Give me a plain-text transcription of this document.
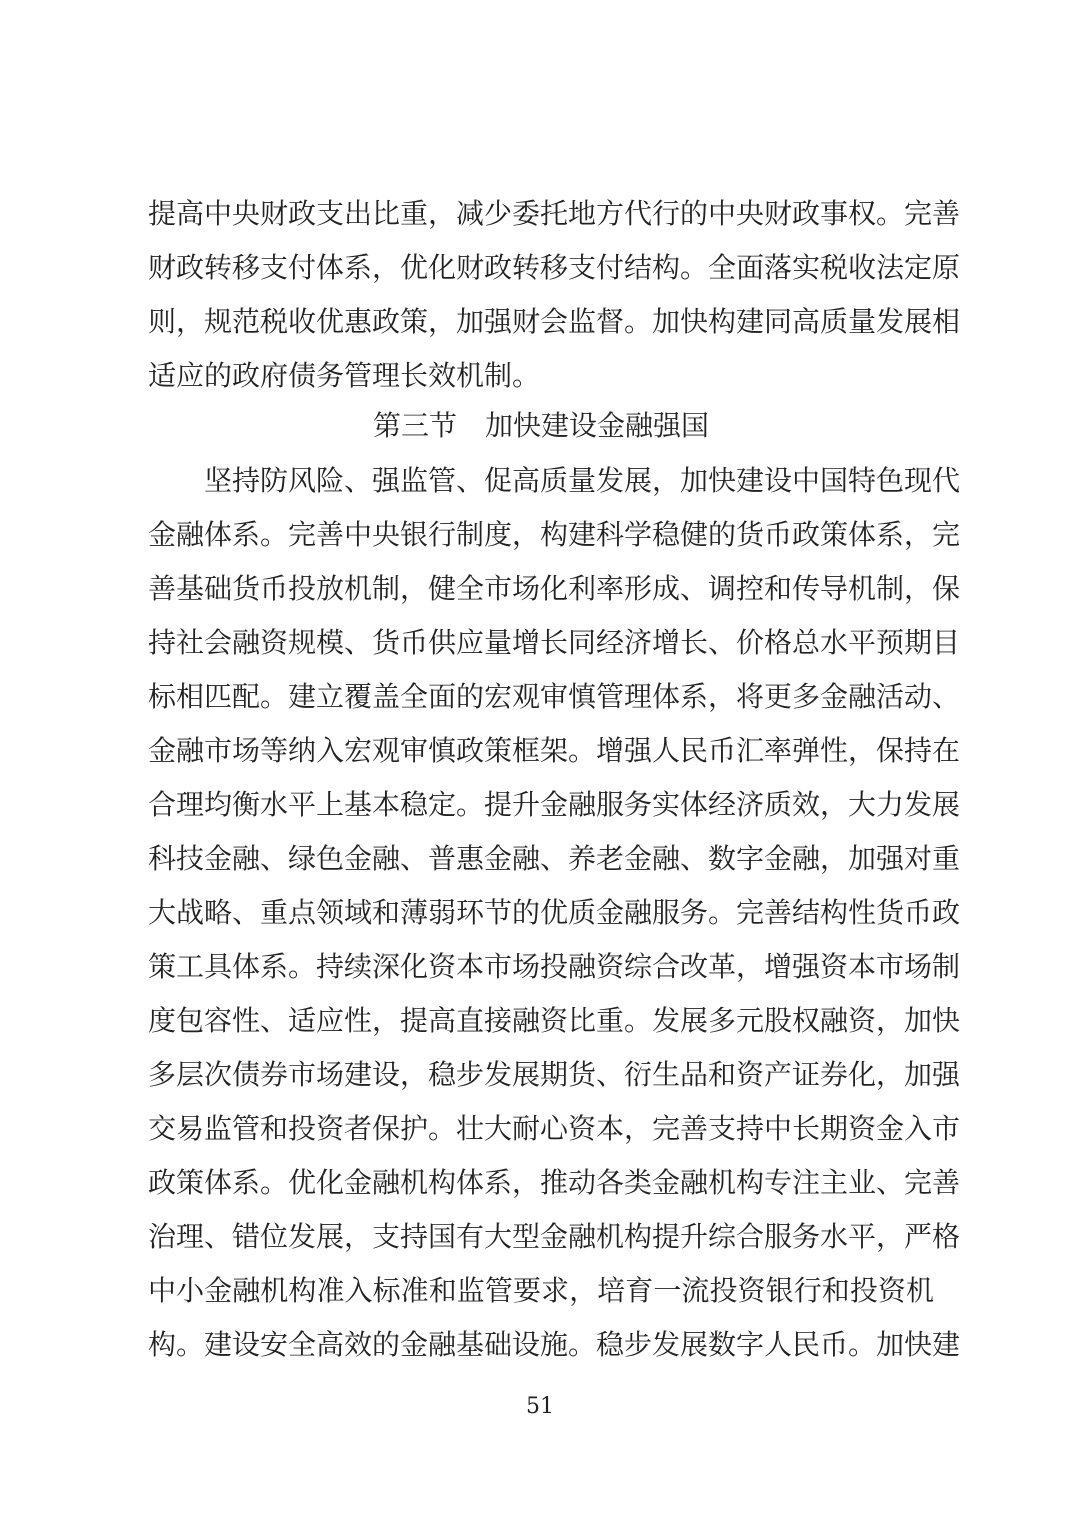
提高中央财政支出比重，减少委托地方代行的中央财政事权。完善
财政转移支付体系，优化财政转移支付结构。全面落实税收法定原
则，规范税收优惠政策，加强财会监督。加快构建同高质量发展相
适应的政府债务管理长效机制。
第三节　加快建设金融强国
坚持防风险、强监管、促高质量发展，加快建设中国特色现代
金融体系。完善中央银行制度，构建科学稳健的货币政策体系，完
善基础货币投放机制，健全市场化利率形成、调控和传导机制，保
持社会融资规模、货币供应量增长同经济增长、价格总水平预期目
标相匹配。建立覆盖全面的宏观审慎管理体系，将更多金融活动、
金融市场等纳入宏观审慎政策框架。增强人民币汇率弹性，保持在
合理均衡水平上基本稳定。提升金融服务实体经济质效，大力发展
科技金融、绿色金融、普惠金融、养老金融、数字金融，加强对重
大战略、重点领域和薄弱环节的优质金融服务。完善结构性货币政
策工具体系。持续深化资本市场投融资综合改革，增强资本市场制
度包容性、适应性，提高直接融资比重。发展多元股权融资，加快
多层次债券市场建设，稳步发展期货、衍生品和资产证券化，加强
交易监管和投资者保护。壮大耐心资本，完善支持中长期资金入市
政策体系。优化金融机构体系，推动各类金融机构专注主业、完善
治理、错位发展，支持国有大型金融机构提升综合服务水平，严格
中小金融机构准入标准和监管要求，培育一流投资银行和投资机
构。建设安全高效的金融基础设施。稳步发展数字人民币。加快建
51
